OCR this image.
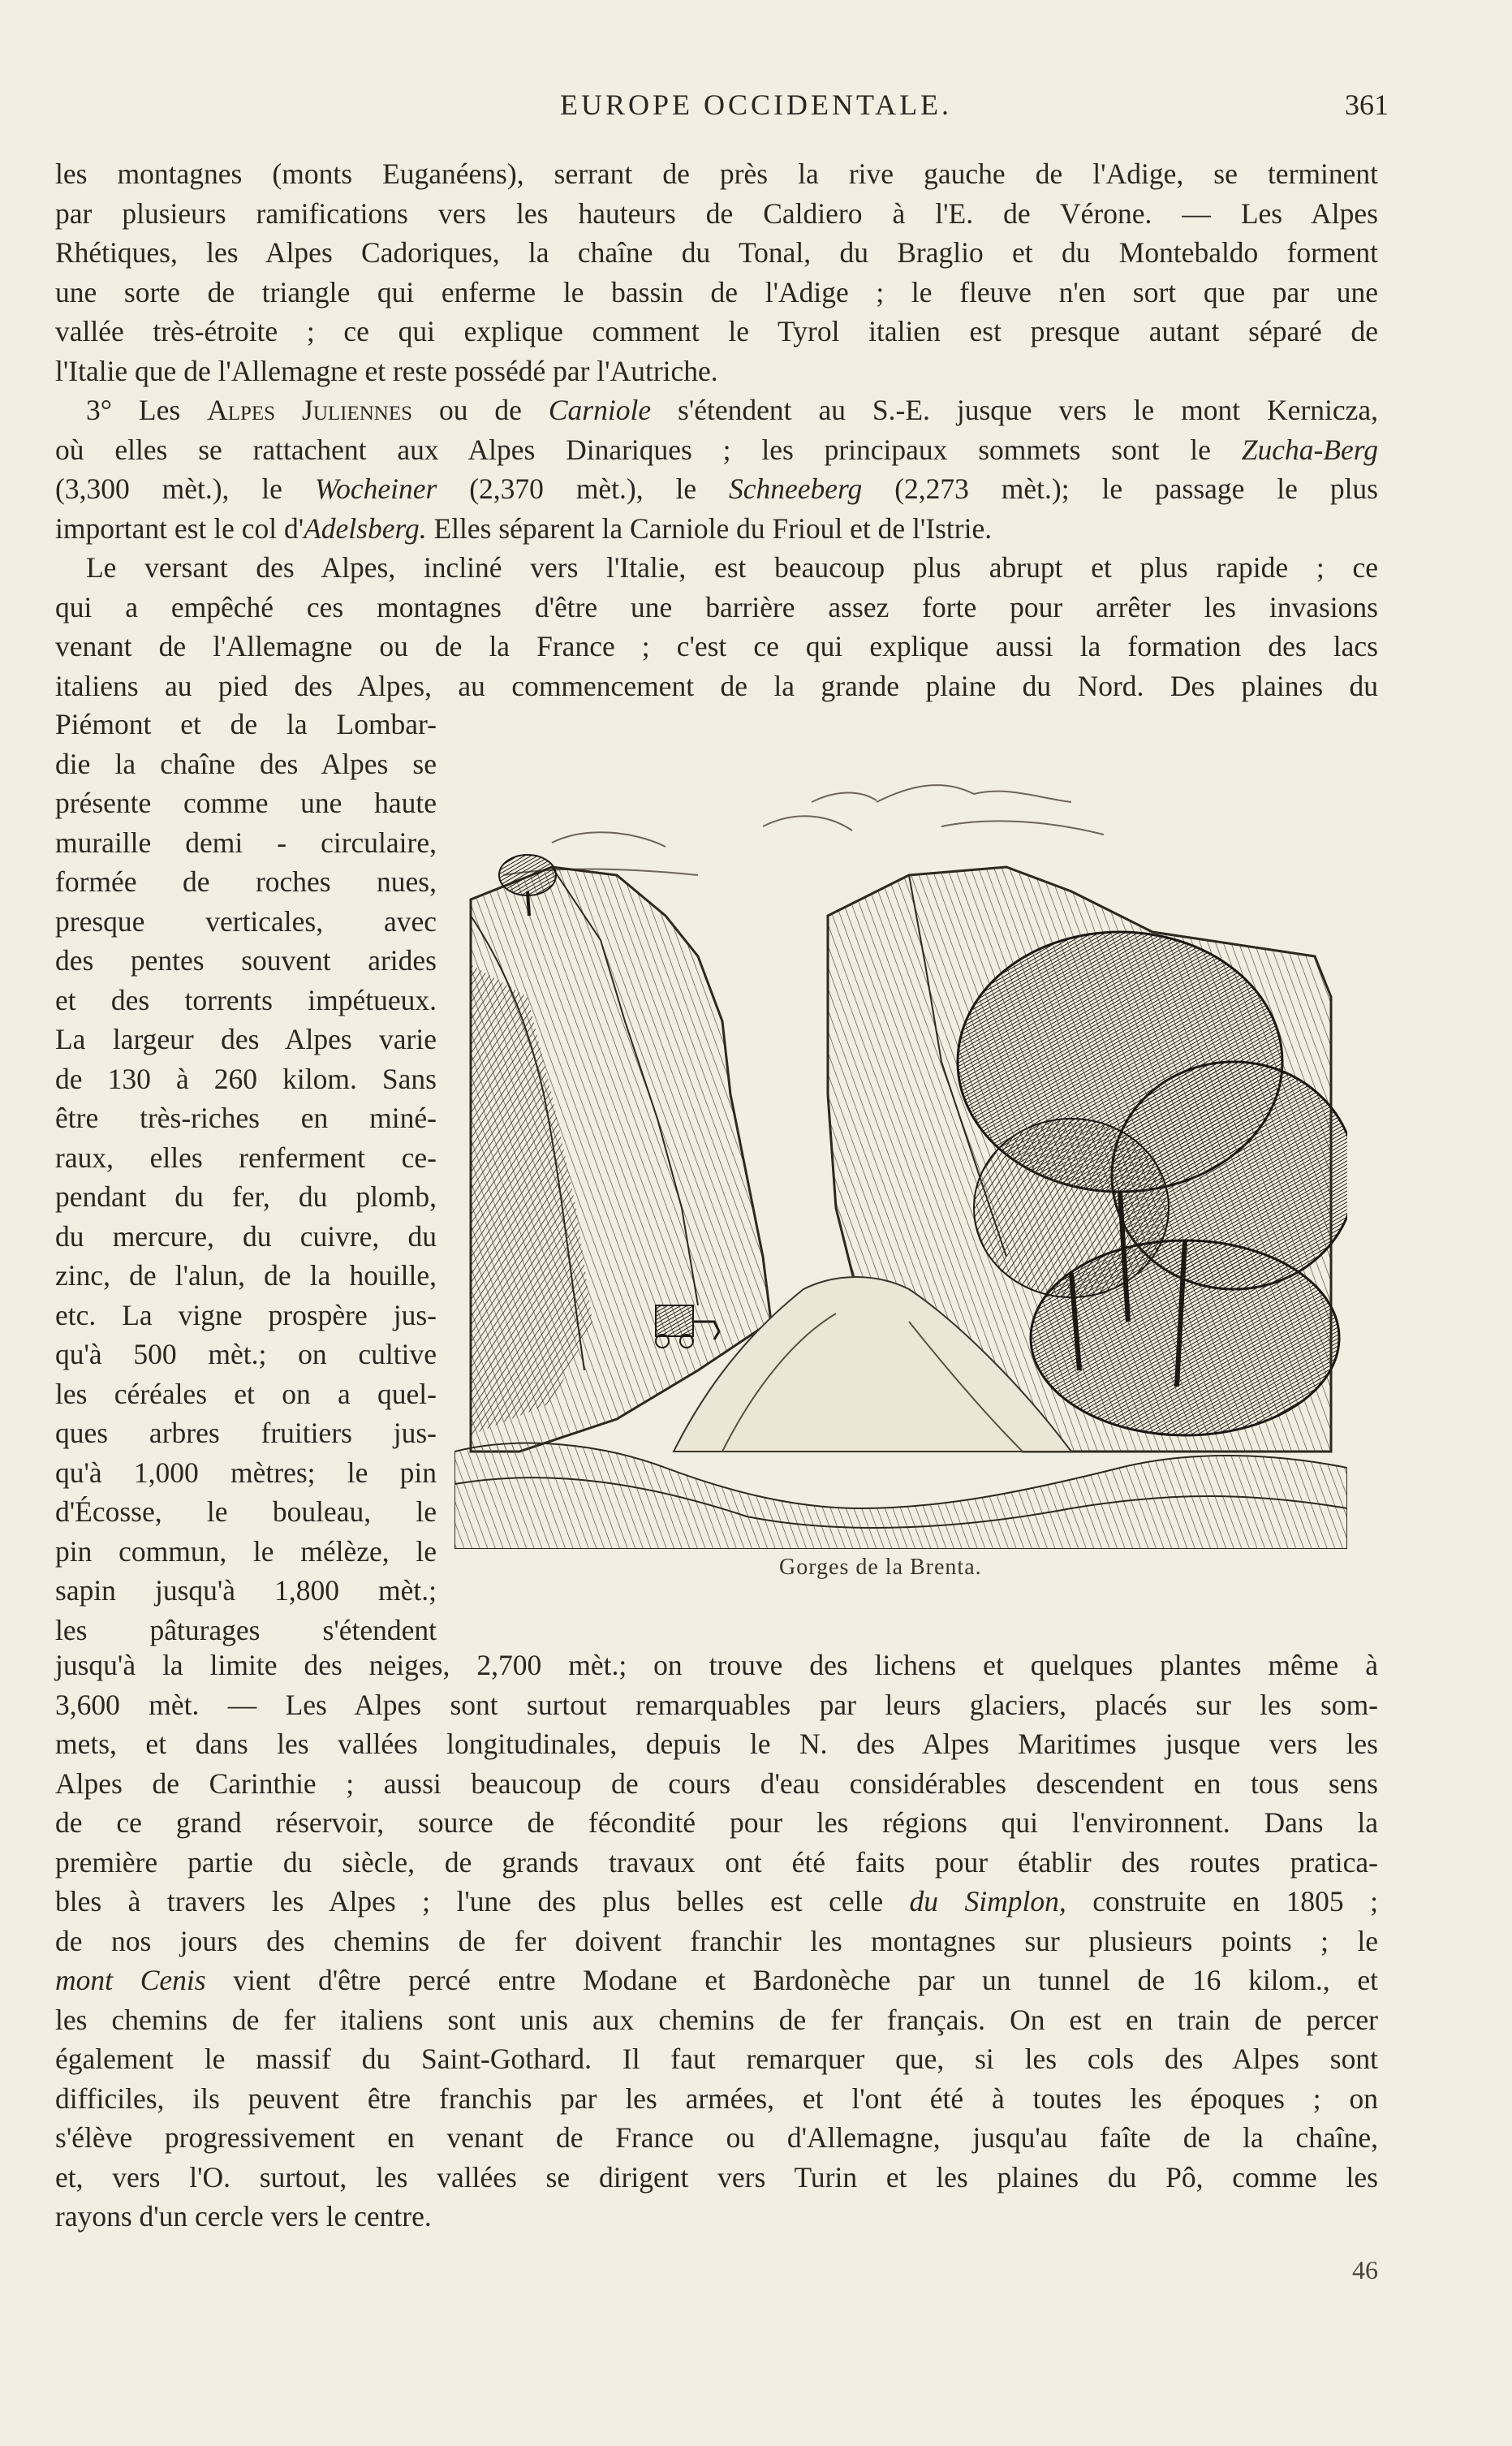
EUROPE OCCIDENTALE.	361
les montagnes (monts Euganéens), serrant de près la rive gauche de l'Adige, se terminent
par plusieurs ramifications vers les hauteurs de Caldiero à l'E. de Vérone. — Les Alpes
Rhétiques, les Alpes Cadoriques, la chaîne du Tonal, du Braglio et du Montebaldo forment
une sorte de triangle qui enferme le bassin de l'Adige ; le fleuve n'en sort que par une
vallée très-étroite ; ce qui explique comment le Tyrol italien est presque autant séparé de
l'Italie que de l'Allemagne et reste possédé par l'Autriche.
3° Les Alpes Juliennes ou de Carniole s'étendent au S.-E. jusque vers le mont Kernicza,
où elles se rattachent aux Alpes Dinariques ; les principaux sommets sont le Zucha-Berg
(3,300 mèt.), le Wocheiner (2,370 mèt.), le Schneeberg (2,273 mèt.); le passage le plus
important est le col d'Adelsberg. Elles séparent la Carniole du Frioul et de l'Istrie.
Le versant des Alpes, incliné vers l'Italie, est beaucoup plus abrupt et plus rapide ; ce
qui a empêché ces montagnes d'être une barrière assez forte pour arrêter les invasions
venant de l'Allemagne ou de la France ; c'est ce qui explique aussi la formation des lacs
italiens au pied des Alpes, au commencement de la grande plaine du Nord. Des plaines du
Piémont et de la Lombar-
die la chaîne des Alpes se
présente comme une haute
muraille demi - circulaire,
formée de roches nues,
presque verticales, avec
des pentes souvent arides
et des torrents impétueux.
La largeur des Alpes varie
de 130 à 260 kilom. Sans
être très-riches en miné-
raux, elles renferment ce-
pendant du fer, du plomb,
du mercure, du cuivre, du
zinc, de l'alun, de la houille,
etc. La vigne prospère jus-
qu'à 500 mèt.; on cultive
les céréales et on a quel-
ques arbres fruitiers jus-
qu'à 1,000 mètres; le pin
d'Écosse, le bouleau, le
pin commun, le mélèze, le
sapin jusqu'à 1,800 mèt.;
les pâturages s'étendent
Gorges de la Brenta.
jusqu'à la limite des neiges, 2,700 mèt.; on trouve des lichens et quelques plantes même à
3,600 mèt. — Les Alpes sont surtout remarquables par leurs glaciers, placés sur les som-
mets, et dans les vallées longitudinales, depuis le N. des Alpes Maritimes jusque vers les
Alpes de Carinthie ; aussi beaucoup de cours d'eau considérables descendent en tous sens
de ce grand réservoir, source de fécondité pour les régions qui l'environnent. Dans la
première partie du siècle, de grands travaux ont été faits pour établir des routes pratica-
bles à travers les Alpes ; l'une des plus belles est celle du Simplon, construite en 1805 ;
de nos jours des chemins de fer doivent franchir les montagnes sur plusieurs points ; le
mont Cenis vient d'être percé entre Modane et Bardonèche par un tunnel de 16 kilom., et
les chemins de fer italiens sont unis aux chemins de fer français. On est en train de percer
également le massif du Saint-Gothard. Il faut remarquer que, si les cols des Alpes sont
difficiles, ils peuvent être franchis par les armées, et l'ont été à toutes les époques ; on
s'élève progressivement en venant de France ou d'Allemagne, jusqu'au faîte de la chaîne,
et, vers l'O. surtout, les vallées se dirigent vers Turin et les plaines du Pô, comme les
rayons d'un cercle vers le centre.
46
